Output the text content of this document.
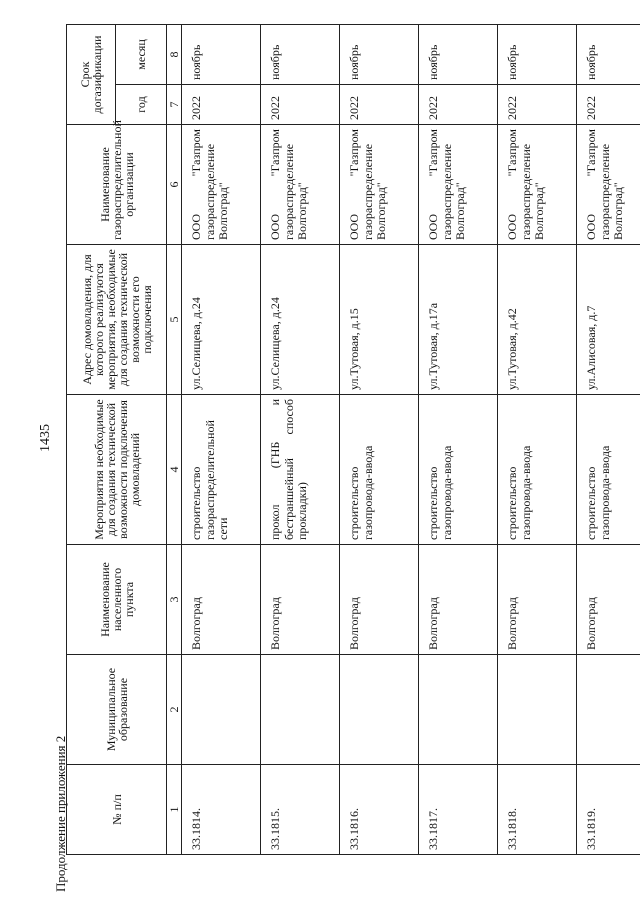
1435
Продолжение приложения 2	№ п/п	Муниципальное образование	Наименование населенного пункта	Мероприятия необходимые для создания технической возможности подключения домовладений	Адрес домовладения, для которого реализуются мероприятия, необходимые для создания технической возможности его подключения	Наименование газораспределительной организации	Срок догазификации	
						год	месяц
1	2	3	4	5	6	7	8
33.1814.		Волгоград	строительство газораспределительной сети	ул.Селищева, д.24	ООО "Газпром газораспределение Волгоград"	2022	ноябрь
33.1815.		Волгоград	прокол (ГНБ и бестраншейный способ прокладки)	ул.Селищева, д.24	ООО "Газпром газораспределение Волгоград"	2022	ноябрь
33.1816.		Волгоград	строительство газопровода-ввода	ул.Тутовая, д.15	ООО "Газпром газораспределение Волгоград"	2022	ноябрь
33.1817.		Волгоград	строительство газопровода-ввода	ул.Тутовая, д.17а	ООО "Газпром газораспределение Волгоград"	2022	ноябрь
33.1818.		Волгоград	строительство газопровода-ввода	ул.Тутовая, д.42	ООО "Газпром газораспределение Волгоград"	2022	ноябрь
33.1819.		Волгоград	строительство газопровода-ввода	ул.Алисовая, д.7	ООО "Газпром газораспределение Волгоград"	2022	ноябрь
